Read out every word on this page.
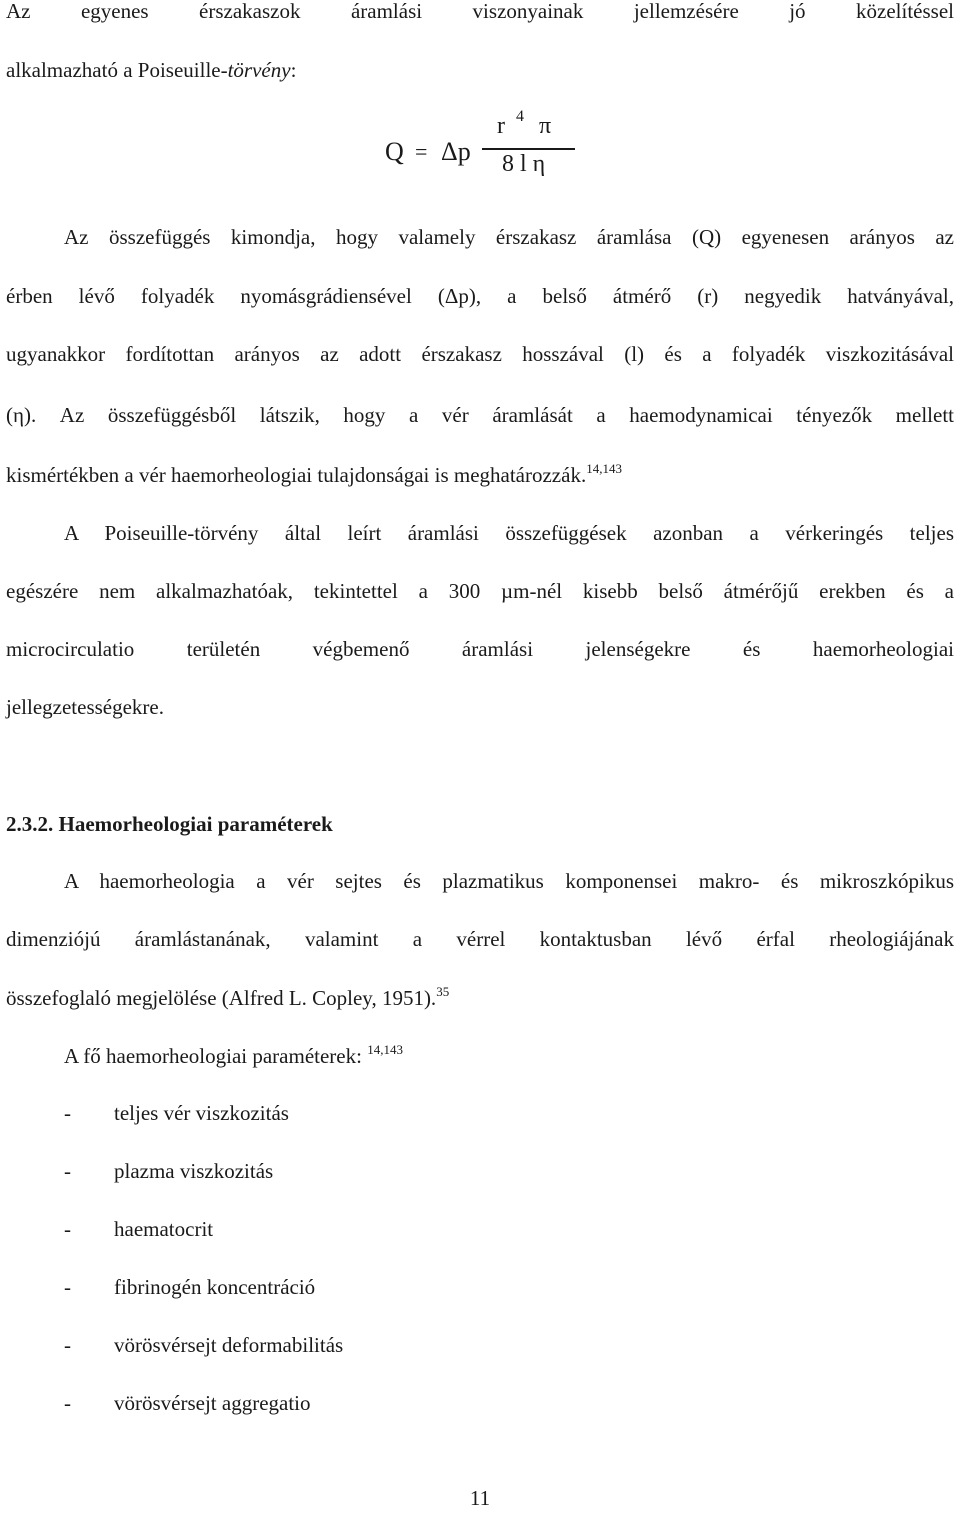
Az egyenes érszakaszok áramlási viszonyainak jellemzésére jó közelítéssel
alkalmazható a Poiseuille-törvény:
Q = Δp
r 4 π
8 l η
Az összefüggés kimondja, hogy valamely érszakasz áramlása (Q) egyenesen arányos az
érben lévő folyadék nyomásgrádiensével (Δp), a belső átmérő (r) negyedik hatványával,
ugyanakkor fordítottan arányos az adott érszakasz hosszával (l) és a folyadék viszkozitásával
(η). Az összefüggésből látszik, hogy a vér áramlását a haemodynamicai tényezők mellett
kismértékben a vér haemorheologiai tulajdonságai is meghatározzák.$^{14,143}$
A Poiseuille-törvény által leírt áramlási összefüggések azonban a vérkeringés teljes
egészére nem alkalmazhatóak, tekintettel a 300 µm-nél kisebb belső átmérőjű erekben és a
microcirculatio területén végbemenő áramlási jelenségekre és haemorheologiai
jellegzetességekre.
2.3.2. Haemorheologiai paraméterek
A haemorheologia a vér sejtes és plazmatikus komponensei makro- és mikroszkópikus
dimenziójú áramlástanának, valamint a vérrel kontaktusban lévő érfal rheologiájának
összefoglaló megjelölése (Alfred L. Copley, 1951).$^{35}$
A fő haemorheologiai paraméterek: $^{14,143}$
- teljes vér viszkozitás
- plazma viszkozitás
- haematocrit
- fibrinogén koncentráció
- vörösvérsejt deformabilitás
- vörösvérsejt aggregatio
11
